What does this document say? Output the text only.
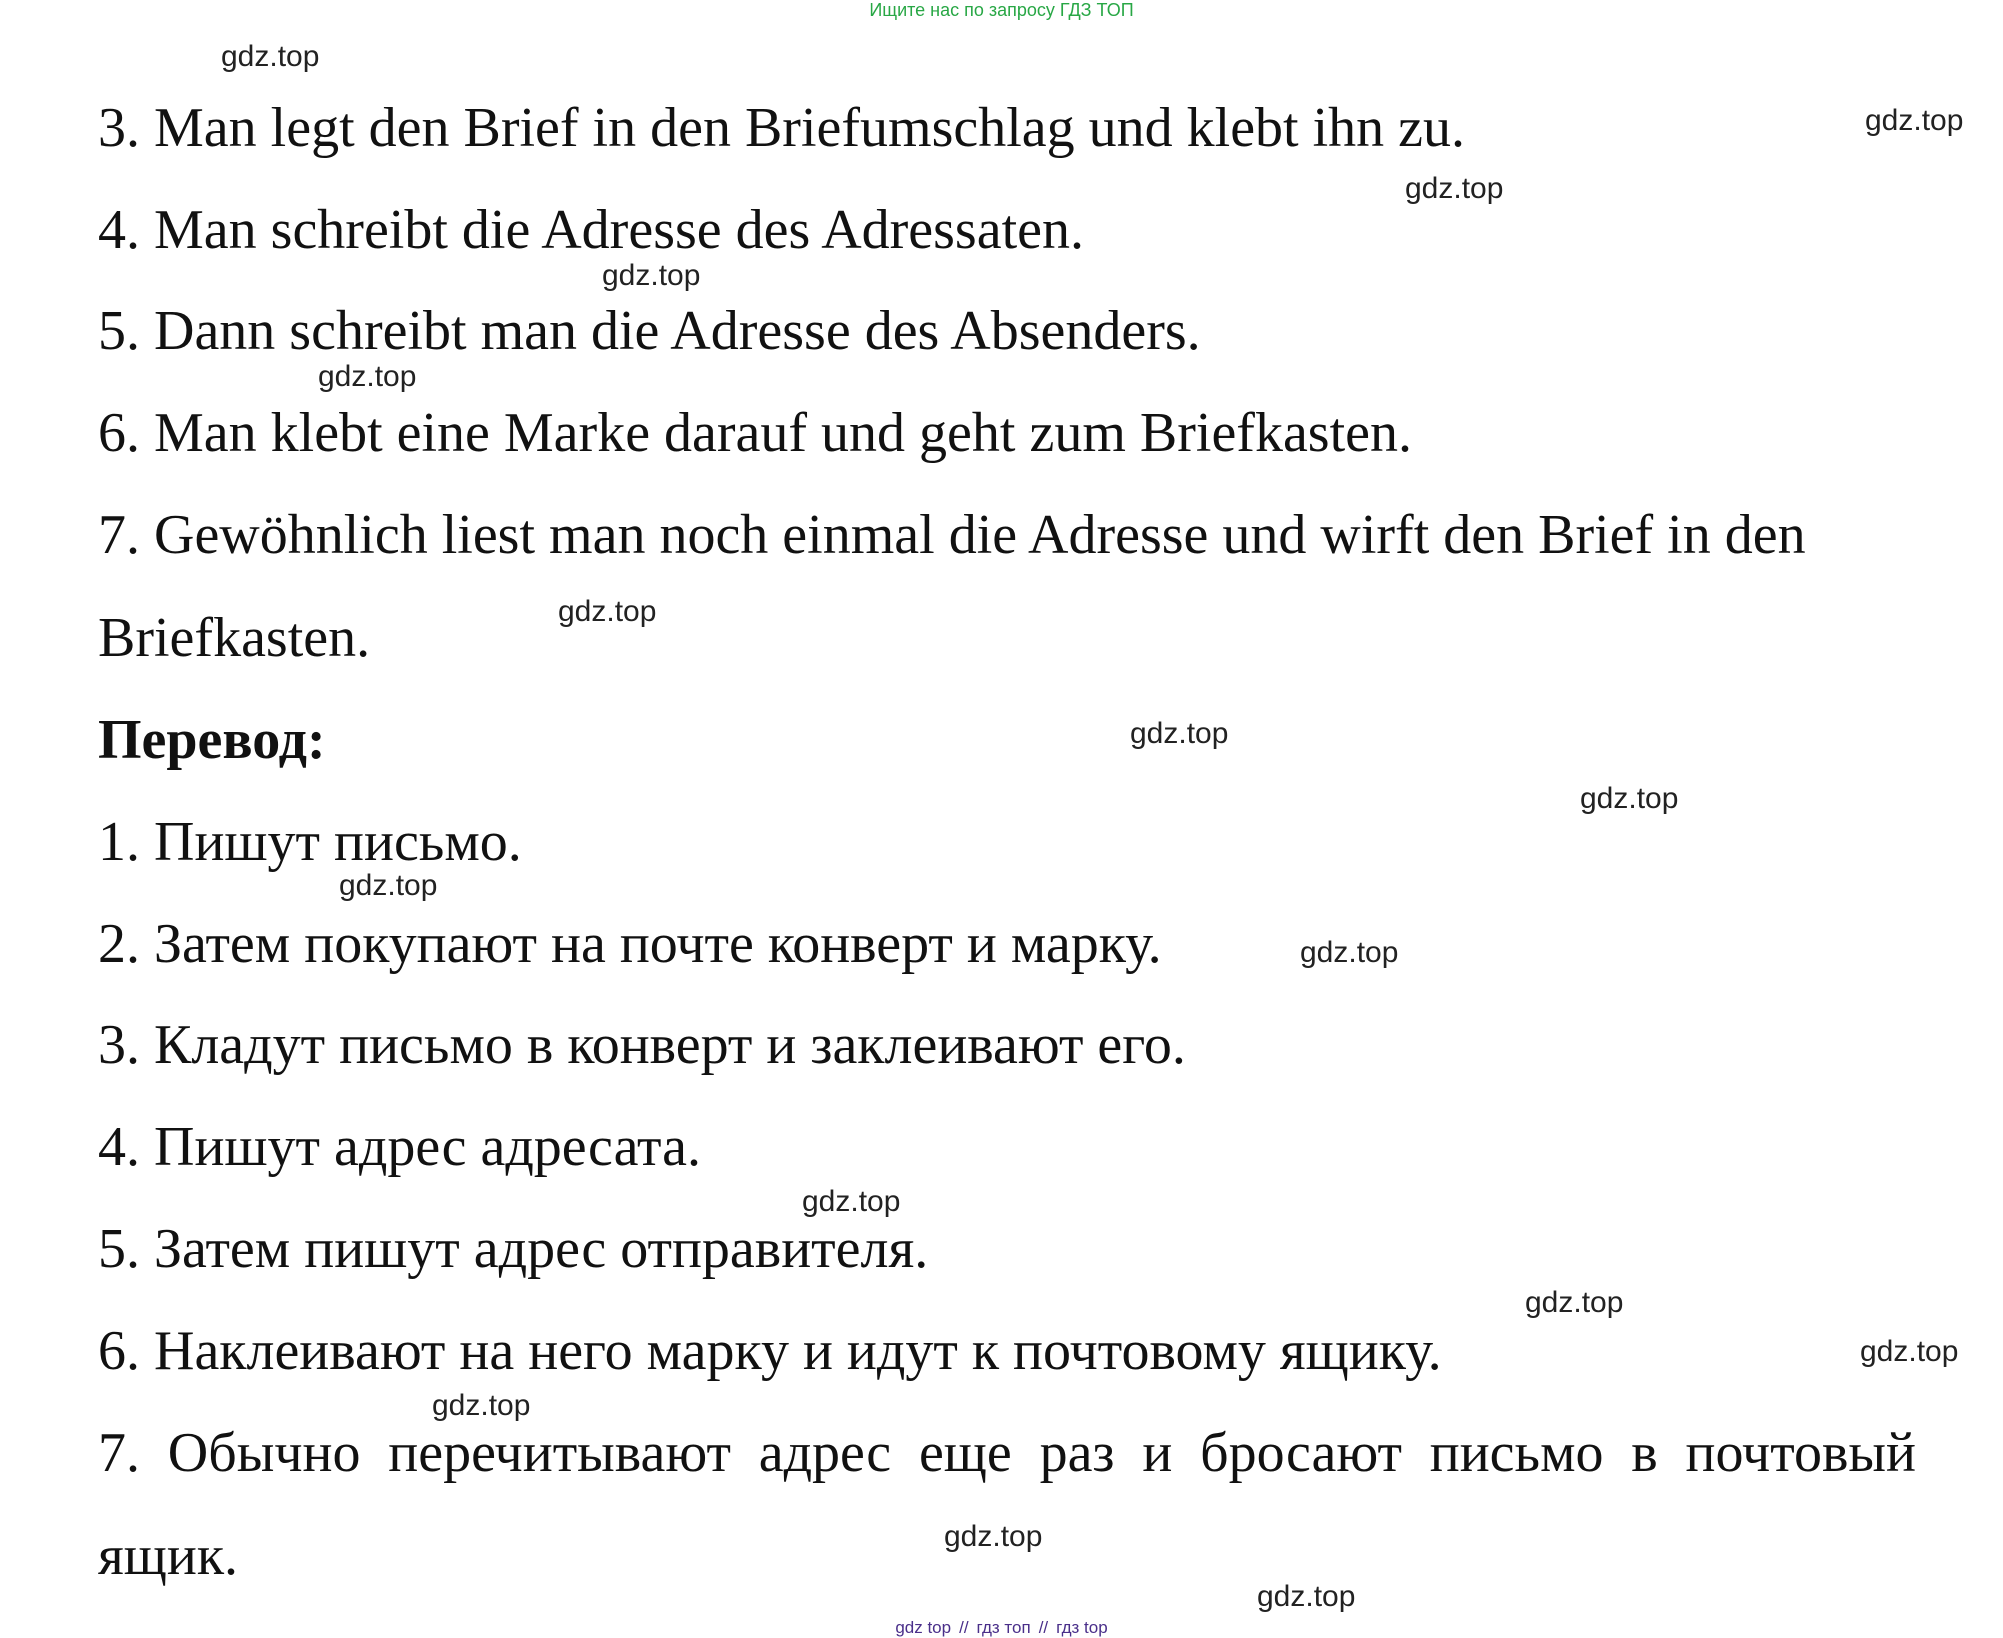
Ищите нас по запросу ГДЗ ТОП
3. Man legt den Brief in den Briefumschlag und klebt ihn zu.
4. Man schreibt die Adresse des Adressaten.
5. Dann schreibt man die Adresse des Absenders.
6. Man klebt eine Marke darauf und geht zum Briefkasten.
7. Gewöhnlich liest man noch einmal die Adresse und wirft den Brief in den
Briefkasten.
Перевод:
1. Пишут письмо.
2. Затем покупают на почте конверт и марку.
3. Кладут письмо в конверт и заклеивают его.
4. Пишут адрес адресата.
5. Затем пишут адрес отправителя.
6. Наклеивают на него марку и идут к почтовому ящику.
7. Обычно перечитывают адрес еще раз и бросают письмо в почтовый
ящик.
gdz.top
gdz.top
gdz.top
gdz.top
gdz.top
gdz.top
gdz.top
gdz.top
gdz.top
gdz.top
gdz.top
gdz.top
gdz.top
gdz.top
gdz.top
gdz.top
gdz top // гдз топ // гдз top
